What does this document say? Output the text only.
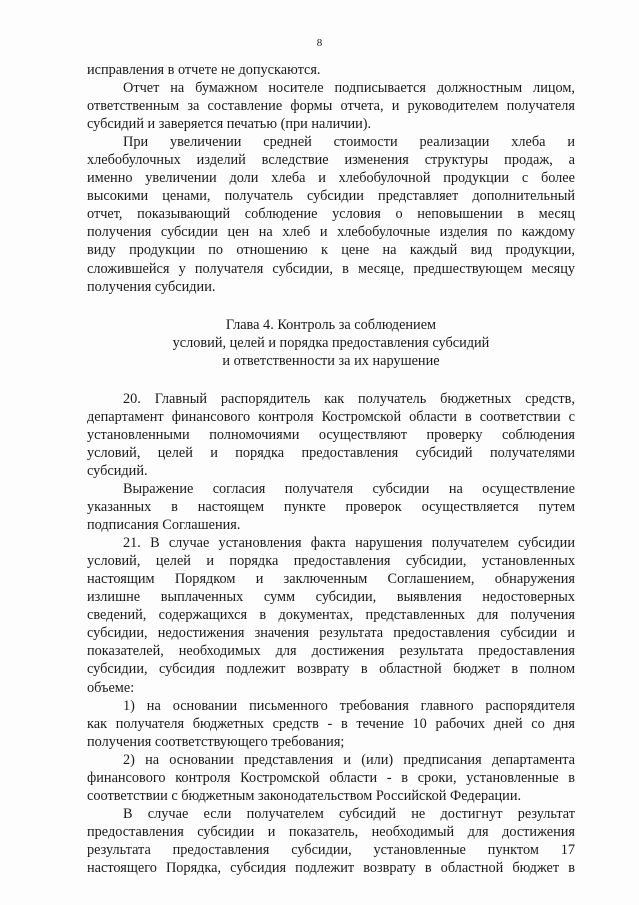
8
исправления в отчете не допускаются.
Отчет на бумажном носителе подписывается должностным лицом,
ответственным за составление формы отчета, и руководителем получателя
субсидий и заверяется печатью (при наличии).
При увеличении средней стоимости реализации хлеба и
хлебобулочных изделий вследствие изменения структуры продаж, а
именно увеличении доли хлеба и хлебобулочной продукции с более
высокими ценами, получатель субсидии представляет дополнительный
отчет, показывающий соблюдение условия о неповышении в месяц
получения субсидии цен на хлеб и хлебобулочные изделия по каждому
виду продукции по отношению к цене на каждый вид продукции,
сложившейся у получателя субсидии, в месяце, предшествующем месяцу
получения субсидии.
Глава 4. Контроль за соблюдением
условий, целей и порядка предоставления субсидий
и ответственности за их нарушение
20. Главный распорядитель как получатель бюджетных средств,
департамент финансового контроля Костромской области в соответствии с
установленными полномочиями осуществляют проверку соблюдения
условий, целей и порядка предоставления субсидий получателями
субсидий.
Выражение согласия получателя субсидии на осуществление
указанных в настоящем пункте проверок осуществляется путем
подписания Соглашения.
21. В случае установления факта нарушения получателем субсидии
условий, целей и порядка предоставления субсидии, установленных
настоящим Порядком и заключенным Соглашением, обнаружения
излишне выплаченных сумм субсидии, выявления недостоверных
сведений, содержащихся в документах, представленных для получения
субсидии, недостижения значения результата предоставления субсидии и
показателей, необходимых для достижения результата предоставления
субсидии, субсидия подлежит возврату в областной бюджет в полном
объеме:
1) на основании письменного требования главного распорядителя
как получателя бюджетных средств - в течение 10 рабочих дней со дня
получения соответствующего требования;
2) на основании представления и (или) предписания департамента
финансового контроля Костромской области - в сроки, установленные в
соответствии с бюджетным законодательством Российской Федерации.
В случае если получателем субсидий не достигнут результат
предоставления субсидии и показатель, необходимый для достижения
результата предоставления субсидии, установленные пунктом 17
настоящего Порядка, субсидия подлежит возврату в областной бюджет в
